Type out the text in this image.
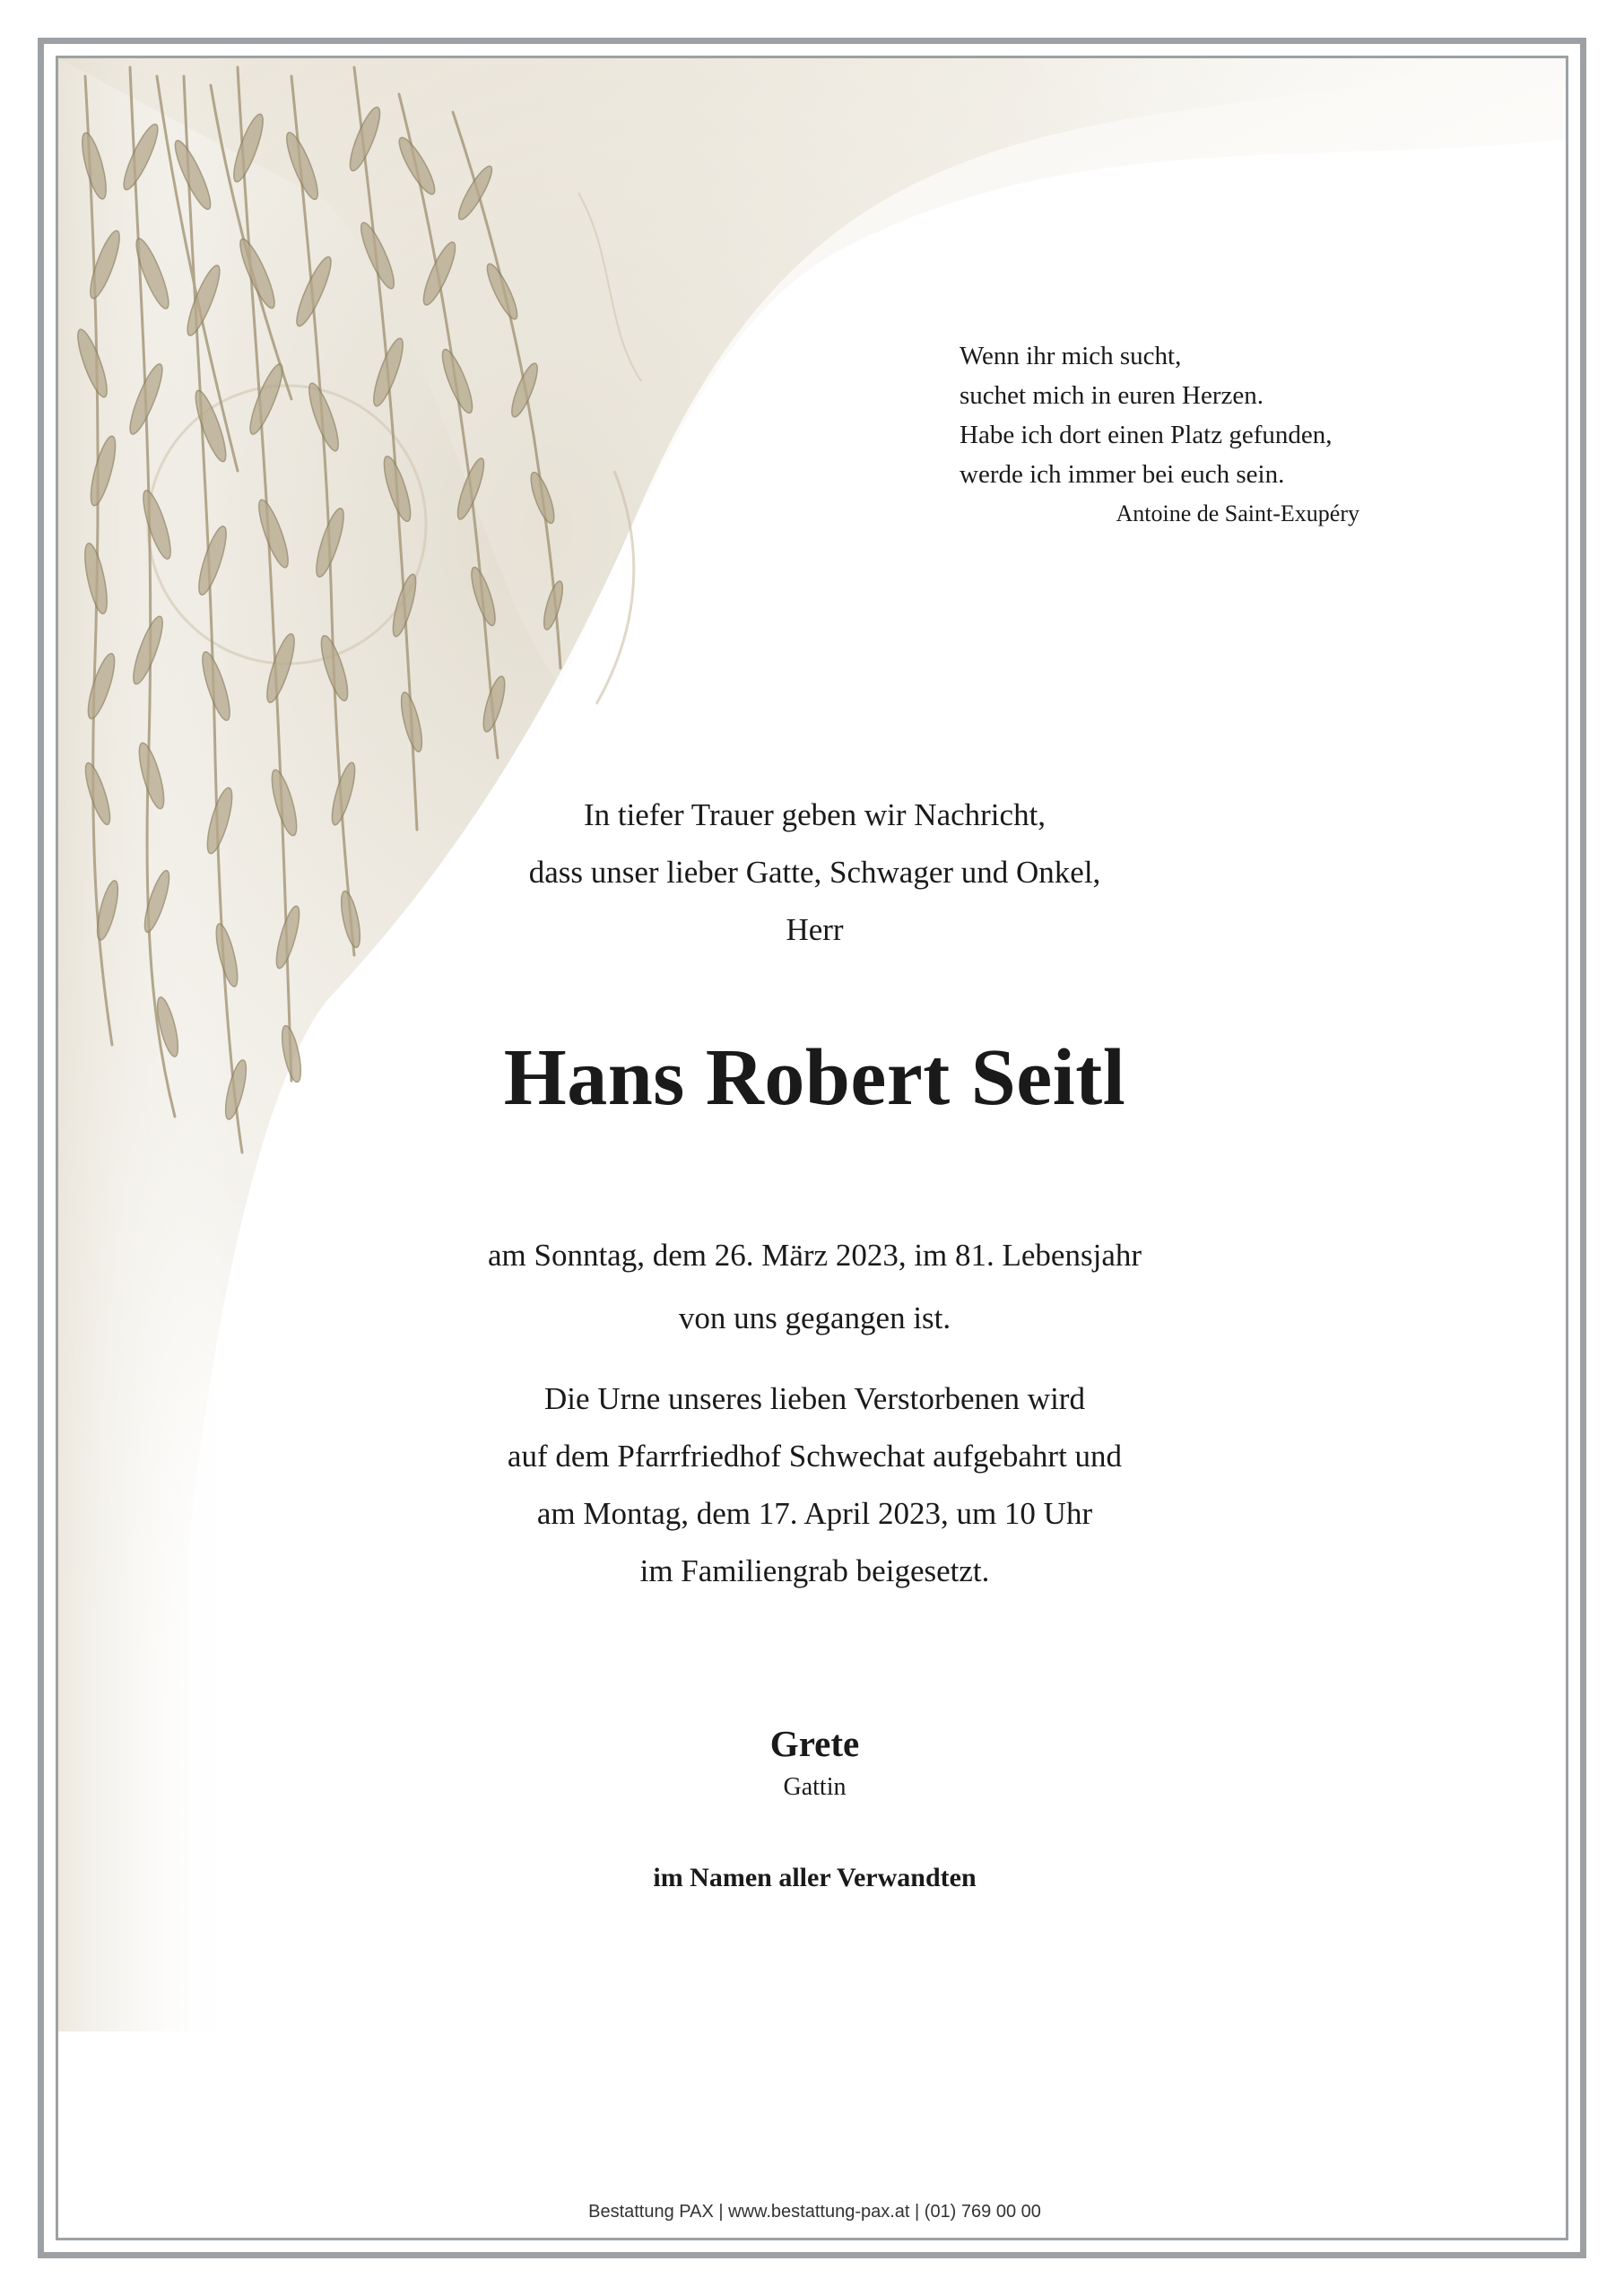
Wenn ihr mich sucht,
suchet mich in euren Herzen.
Habe ich dort einen Platz gefunden,
werde ich immer bei euch sein.
Antoine de Saint-Exupéry
In tiefer Trauer geben wir Nachricht,
dass unser lieber Gatte, Schwager und Onkel,
Herr
Hans Robert Seitl
am Sonntag, dem 26. März 2023, im 81. Lebensjahr
von uns gegangen ist.
Die Urne unseres lieben Verstorbenen wird
auf dem Pfarrfriedhof Schwechat aufgebahrt und
am Montag, dem 17. April 2023, um 10 Uhr
im Familiengrab beigesetzt.
Grete
Gattin
im Namen aller Verwandten
Bestattung PAX | www.bestattung-pax.at | (01) 769 00 00
